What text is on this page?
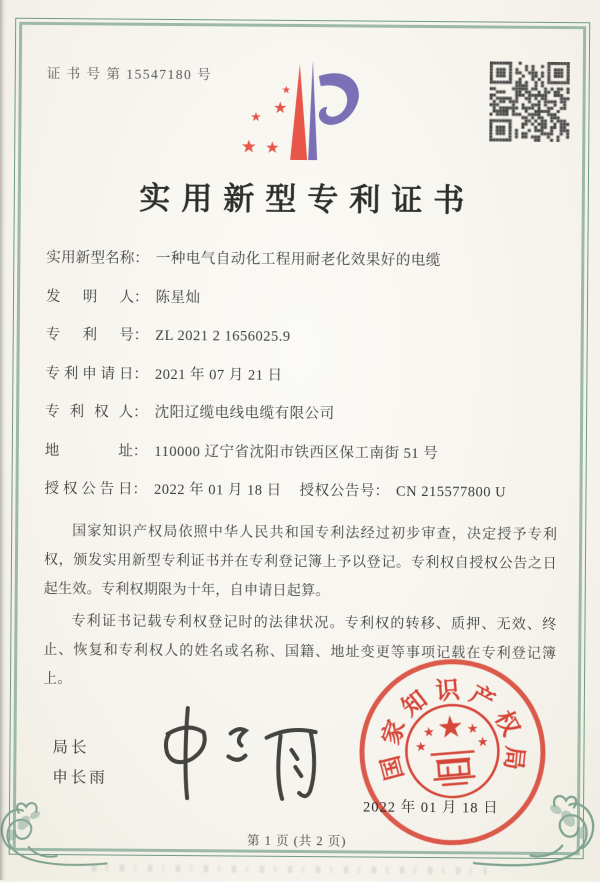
证 书 号 第 15547180 号
实用新型专利证书
实用新型名称 ： 一种电气自动化工程用耐老化效果好的电缆
发明人 ： 陈星灿
专利号 ： ZL 2021 2 1656025.9
专利申请日 ： 2021 年 07 月 21 日
专利权人 ： 沈阳辽缆电线电缆有限公司
地址 ： 110000 辽宁省沈阳市铁西区保工南街 51 号
授权公告日 ： 2022 年 01 月 18 日	授权公告号 ： CN 215577800 U

国家知识产权局依照中华人民共和国专利法经过初步审查，决定授予专利权，颁发实用新型专利证书并在专利登记簿上予以登记。专利权自授权公告之日起生效。专利权期限为十年，自申请日起算。

专利证书记载专利权登记时的法律状况。专利权的转移、质押、无效、终止、恢复和专利权人的姓名或名称、国籍、地址变更等事项记载在专利登记簿上。

局长
申长雨	国
家
知 识 产
权
局
2022 年 01 月 18 日
第 1 页 (共 2 页)
